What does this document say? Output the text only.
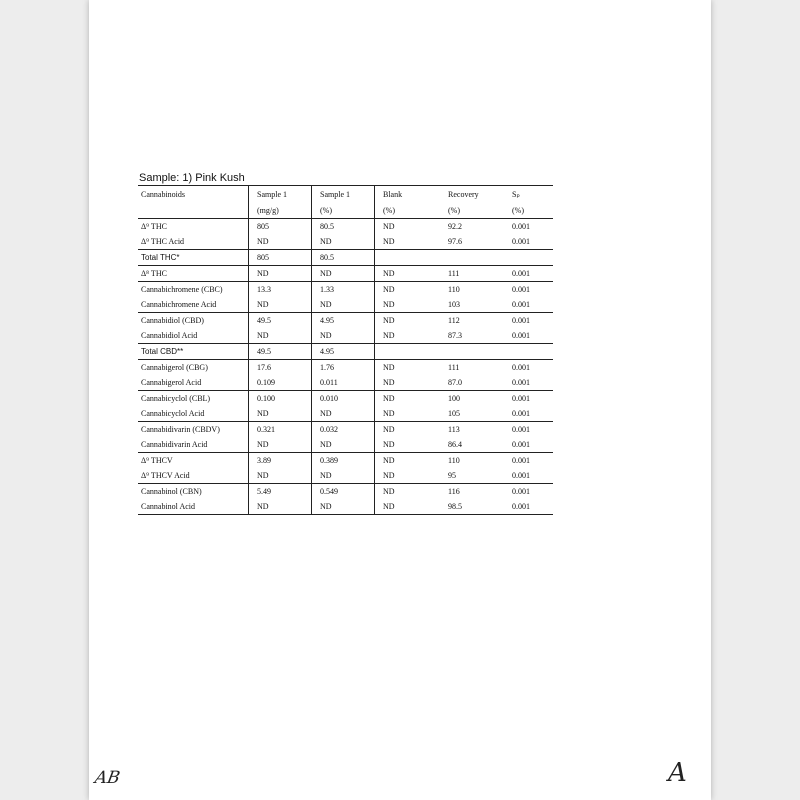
Sample: 1) Pink Kush
Cannabinoids	Sample 1	Sample 1	Blank	Recovery	Sₚ
	(mg/g)	(%)	(%)	(%)	(%)
Δ⁹ THC	805	80.5	ND	92.2	0.001
Δ⁹ THC Acid	ND	ND	ND	97.6	0.001
Total THC*	805	80.5			
Δ⁸ THC	ND	ND	ND	111	0.001
Cannabichromene (CBC)	13.3	1.33	ND	110	0.001
Cannabichromene Acid	ND	ND	ND	103	0.001
Cannabidiol (CBD)	49.5	4.95	ND	112	0.001
Cannabidiol Acid	ND	ND	ND	87.3	0.001
Total CBD**	49.5	4.95			
Cannabigerol (CBG)	17.6	1.76	ND	111	0.001
Cannabigerol Acid	0.109	0.011	ND	87.0	0.001
Cannabicyclol (CBL)	0.100	0.010	ND	100	0.001
Cannabicyclol Acid	ND	ND	ND	105	0.001
Cannabidivarin (CBDV)	0.321	0.032	ND	113	0.001
Cannabidivarin Acid	ND	ND	ND	86.4	0.001
Δ⁹ THCV	3.89	0.389	ND	110	0.001
Δ⁹ THCV Acid	ND	ND	ND	95	0.001
Cannabinol (CBN)	5.49	0.549	ND	116	0.001
Cannabinol Acid	ND	ND	ND	98.5	0.001
AB	A
